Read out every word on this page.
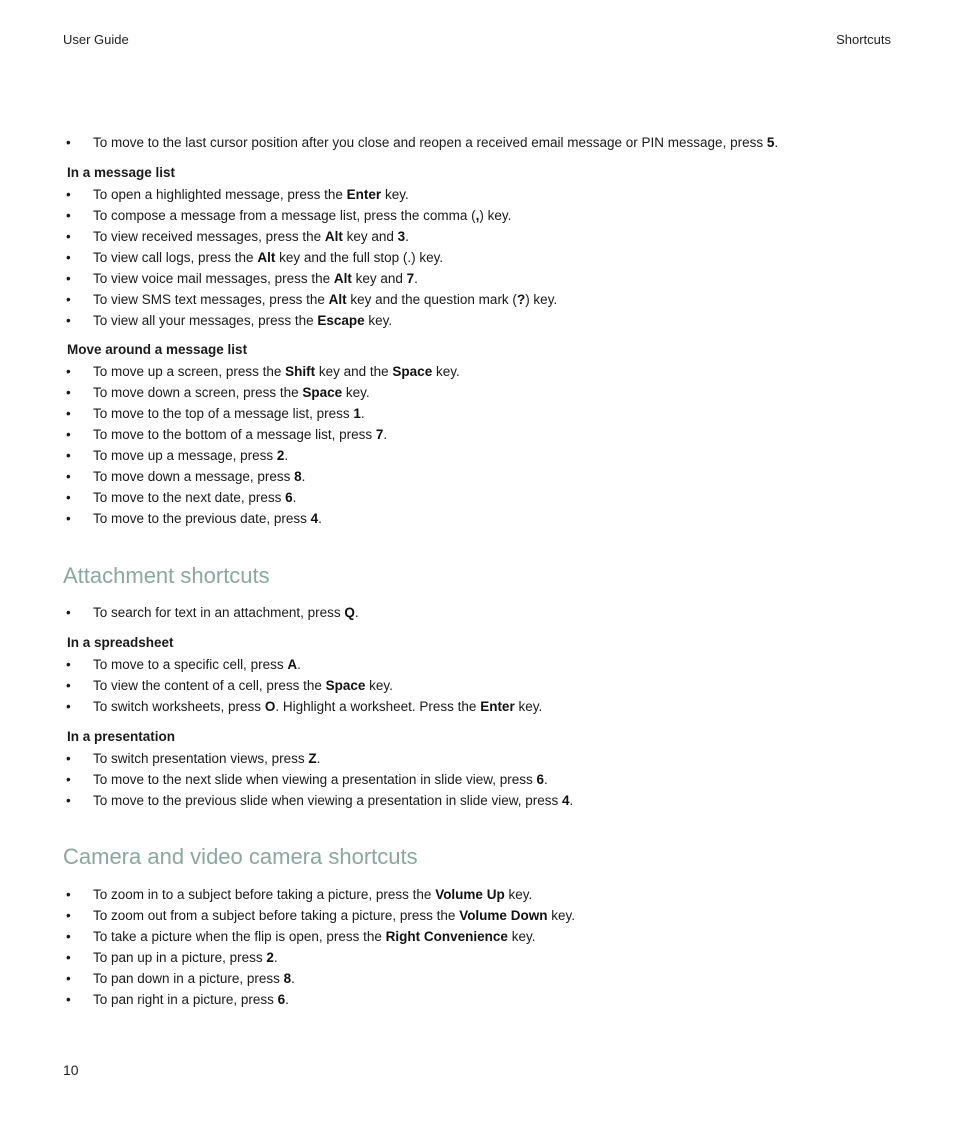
User Guide	Shortcuts
• To move to the last cursor position after you close and reopen a received email message or PIN message, press 5.
In a message list
• To open a highlighted message, press the Enter key.
• To compose a message from a message list, press the comma (,) key.
• To view received messages, press the Alt key and 3.
• To view call logs, press the Alt key and the full stop (.) key.
• To view voice mail messages, press the Alt key and 7.
• To view SMS text messages, press the Alt key and the question mark (?) key.
• To view all your messages, press the Escape key.
Move around a message list
• To move up a screen, press the Shift key and the Space key.
• To move down a screen, press the Space key.
• To move to the top of a message list, press 1.
• To move to the bottom of a message list, press 7.
• To move up a message, press 2.
• To move down a message, press 8.
• To move to the next date, press 6.
• To move to the previous date, press 4.
Attachment shortcuts
• To search for text in an attachment, press Q.
In a spreadsheet
• To move to a specific cell, press A.
• To view the content of a cell, press the Space key.
• To switch worksheets, press O. Highlight a worksheet. Press the Enter key.
In a presentation
• To switch presentation views, press Z.
• To move to the next slide when viewing a presentation in slide view, press 6.
• To move to the previous slide when viewing a presentation in slide view, press 4.
Camera and video camera shortcuts
• To zoom in to a subject before taking a picture, press the Volume Up key.
• To zoom out from a subject before taking a picture, press the Volume Down key.
• To take a picture when the flip is open, press the Right Convenience key.
• To pan up in a picture, press 2.
• To pan down in a picture, press 8.
• To pan right in a picture, press 6.
10
